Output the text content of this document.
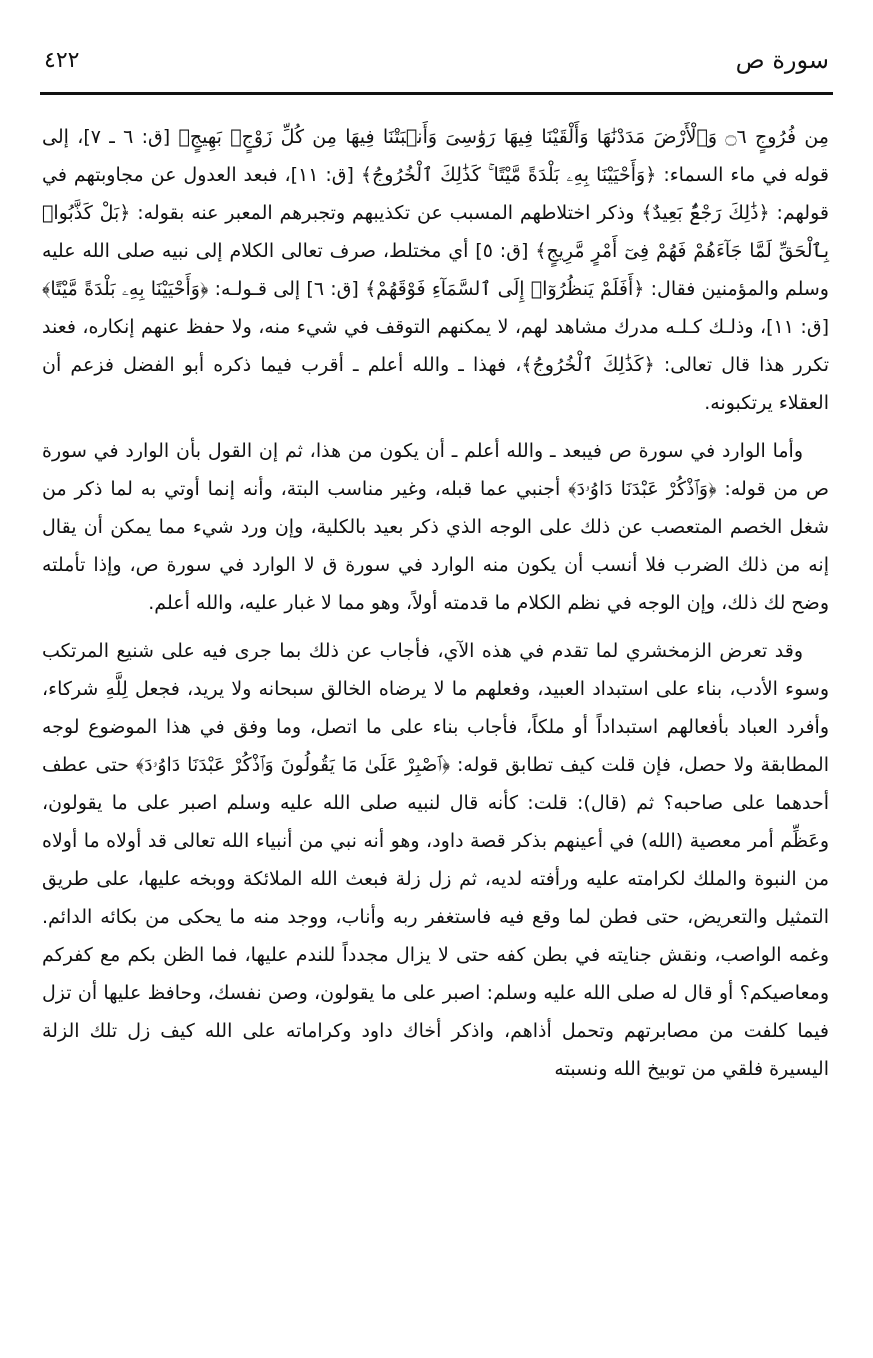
سورة ص
٤٢٢

مِن فُرُوجٍ ۝٦ وَٱلْأَرْضَ مَدَدْنَٰهَا وَأَلْقَيْنَا فِيهَا رَوَٰسِىَ وَأَنۢبَتْنَا فِيهَا مِن كُلِّ زَوْجٍۭ بَهِيجٍ﴾ [ق: ٦ ـ ٧]، إلى قوله في ماء السماء: ﴿وَأَحْيَيْنَا بِهِۦ بَلْدَةً مَّيْتًا ۚ كَذَٰلِكَ ٱلْخُرُوجُ﴾ [ق: ١١]، فبعد العدول عن مجاوبتهم في قولهم: ﴿ذَٰلِكَ رَجْعٌۢ بَعِيدٌ﴾ وذكر اختلاطهم المسبب عن تكذيبهم وتجبرهم المعبر عنه بقوله: ﴿بَلْ كَذَّبُوا۟ بِٱلْحَقِّ لَمَّا جَآءَهُمْ فَهُمْ فِىٓ أَمْرٍ مَّرِيجٍ﴾ [ق: ٥] أي مختلط، صرف تعالى الكلام إلى نبيه صلى الله عليه وسلم والمؤمنين فقال: ﴿أَفَلَمْ يَنظُرُوٓا۟ إِلَى ٱلسَّمَآءِ فَوْقَهُمْ﴾ [ق: ٦] إلى قـولـه: ﴿وَأَحْيَيْنَا بِهِۦ بَلْدَةً مَّيْتًا﴾ [ق: ١١]، وذلـك كـلـه مدرك مشاهد لهم، لا يمكنهم التوقف في شيء منه، ولا حفظ عنهم إنكاره، فعند تكرر هذا قال تعالى: ﴿كَذَٰلِكَ ٱلْخُرُوجُ﴾، فهذا ـ والله أعلم ـ أقرب فيما ذكره أبو الفضل فزعم أن العقلاء يرتكبونه.

وأما الوارد في سورة ص فيبعد ـ والله أعلم ـ أن يكون من هذا، ثم إن القول بأن الوارد في سورة ص من قوله: ﴿وَٱذْكُرْ عَبْدَنَا دَاوُۥدَ﴾ أجنبي عما قبله، وغير مناسب البتة، وأنه إنما أوتي به لما ذكر من شغل الخصم المتعصب عن ذلك على الوجه الذي ذكر بعيد بالكلية، وإن ورد شيء مما يمكن أن يقال إنه من ذلك الضرب فلا أنسب أن يكون منه الوارد في سورة ق لا الوارد في سورة ص، وإذا تأملته وضح لك ذلك، وإن الوجه في نظم الكلام ما قدمته أولاً، وهو مما لا غبار عليه، والله أعلم.

وقد تعرض الزمخشري لما تقدم في هذه الآي، فأجاب عن ذلك بما جرى فيه على شنيع المرتكب وسوء الأدب، بناء على استبداد العبيد، وفعلهم ما لا يرضاه الخالق سبحانه ولا يريد، فجعل لِلَّهِ شركاء، وأفرد العباد بأفعالهم استبداداً أو ملكاً، فأجاب بناء على ما اتصل، وما وفق في هذا الموضوع لوجه المطابقة ولا حصل، فإن قلت كيف تطابق قوله: ﴿ٱصْبِرْ عَلَىٰ مَا يَقُولُونَ وَٱذْكُرْ عَبْدَنَا دَاوُۥدَ﴾ حتى عطف أحدهما على صاحبه؟ ثم (قال): قلت: كأنه قال لنبيه صلى الله عليه وسلم اصبر على ما يقولون، وعَظِّم أمر معصية (الله) في أعينهم بذكر قصة داود، وهو أنه نبي من أنبياء الله تعالى قد أولاه ما أولاه من النبوة والملك لكرامته عليه ورأفته لديه، ثم زل زلة فبعث الله الملائكة ووبخه عليها، على طريق التمثيل والتعريض، حتى فطن لما وقع فيه فاستغفر ربه وأناب، ووجد منه ما يحكى من بكائه الدائم. وغمه الواصب، ونقش جنايته في بطن كفه حتى لا يزال مجدداً للندم عليها، فما الظن بكم مع كفركم ومعاصيكم؟ أو قال له صلى الله عليه وسلم: اصبر على ما يقولون، وصن نفسك، وحافظ عليها أن تزل فيما كلفت من مصابرتهم وتحمل أذاهم، واذكر أخاك داود وكراماته على الله كيف زل تلك الزلة اليسيرة فلقي من توبيخ الله ونسبته
